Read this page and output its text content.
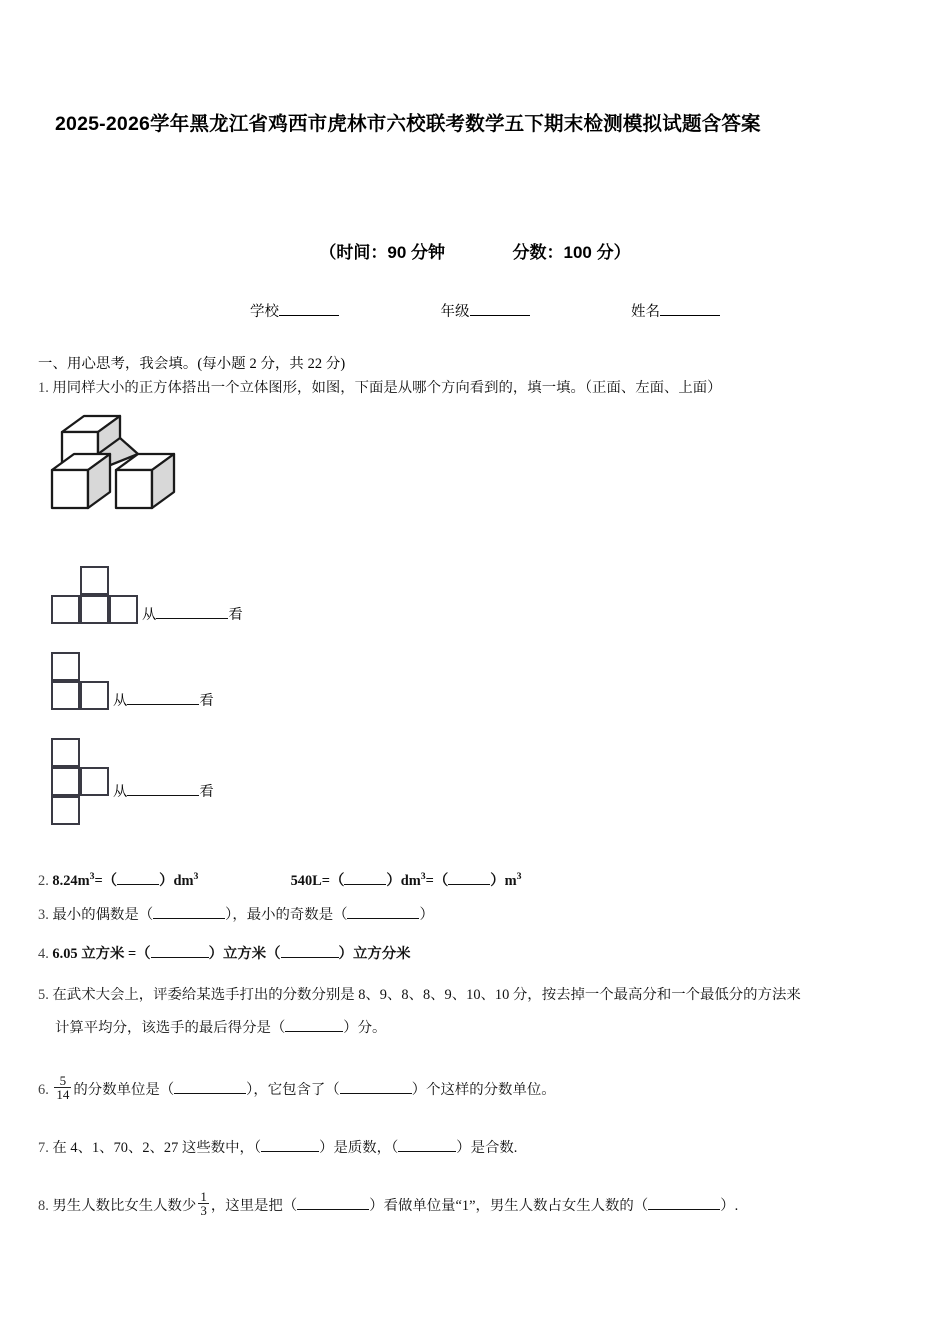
2025-2026学年黑龙江省鸡西市虎林市六校联考数学五下期末检测模拟试题含答案
（时间：90 分钟	分数：100 分）
学校	年级	姓名
一、用心思考，我会填。(每小题 2 分，共 22 分)
1. 用同样大小的正方体搭出一个立体图形，如图，下面是从哪个方向看到的，填一填。（正面、左面、上面）
从	看
从	看
从	看
2. $8.24m^3=$（	）$dm^3$	540L=（	）$dm^3=$（	）$m^3$
3. 最小的偶数是（	），最小的奇数是（	）
4. 6.05 立方米 =（	）立方米（	）立方分米
5. 在武术大会上，评委给某选手打出的分数分别是 8、9、8、8、9、10、10 分，按去掉一个最高分和一个最低分的方法来
计算平均分，该选手的最后得分是（	）分。
6. $\frac{5}{14}$ 的分数单位是（	），它包含了（	）个这样的分数单位。
7. 在 4、1、70、2、27 这些数中，（	）是质数，（	）是合数.
8. 男生人数比女生人数少 $\frac{1}{3}$ ，这里是把（	）看做单位量“1”，男生人数占女生人数的（	）.
